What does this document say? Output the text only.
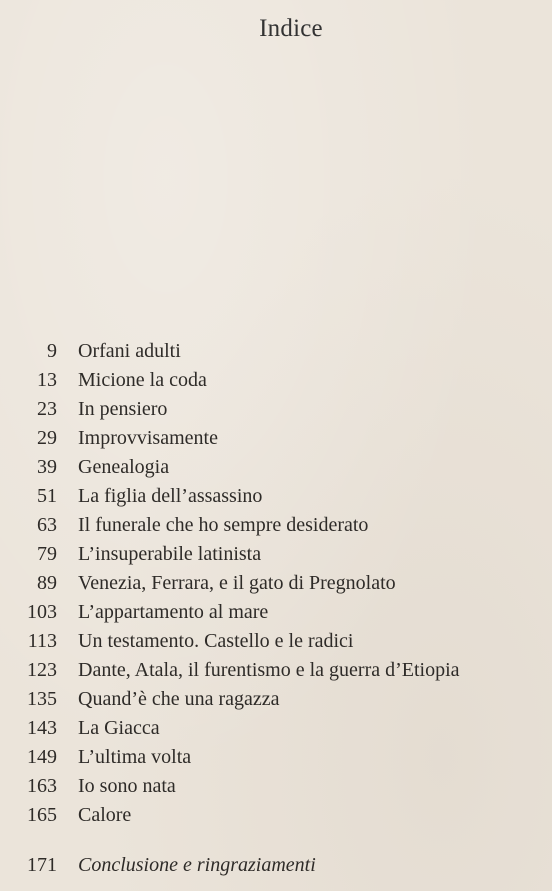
Indice
9 Orfani adulti
13 Micione la coda
23 In pensiero
29 Improvvisamente
39 Genealogia
51 La figlia dell’assassino
63 Il funerale che ho sempre desiderato
79 L’insuperabile latinista
89 Venezia, Ferrara, e il gato di Pregnolato
103 L’appartamento al mare
113 Un testamento. Castello e le radici
123 Dante, Atala, il furentismo e la guerra d’Etiopia
135 Quand’è che una ragazza
143 La Giacca
149 L’ultima volta
163 Io sono nata
165 Calore
171 Conclusione e ringraziamenti
